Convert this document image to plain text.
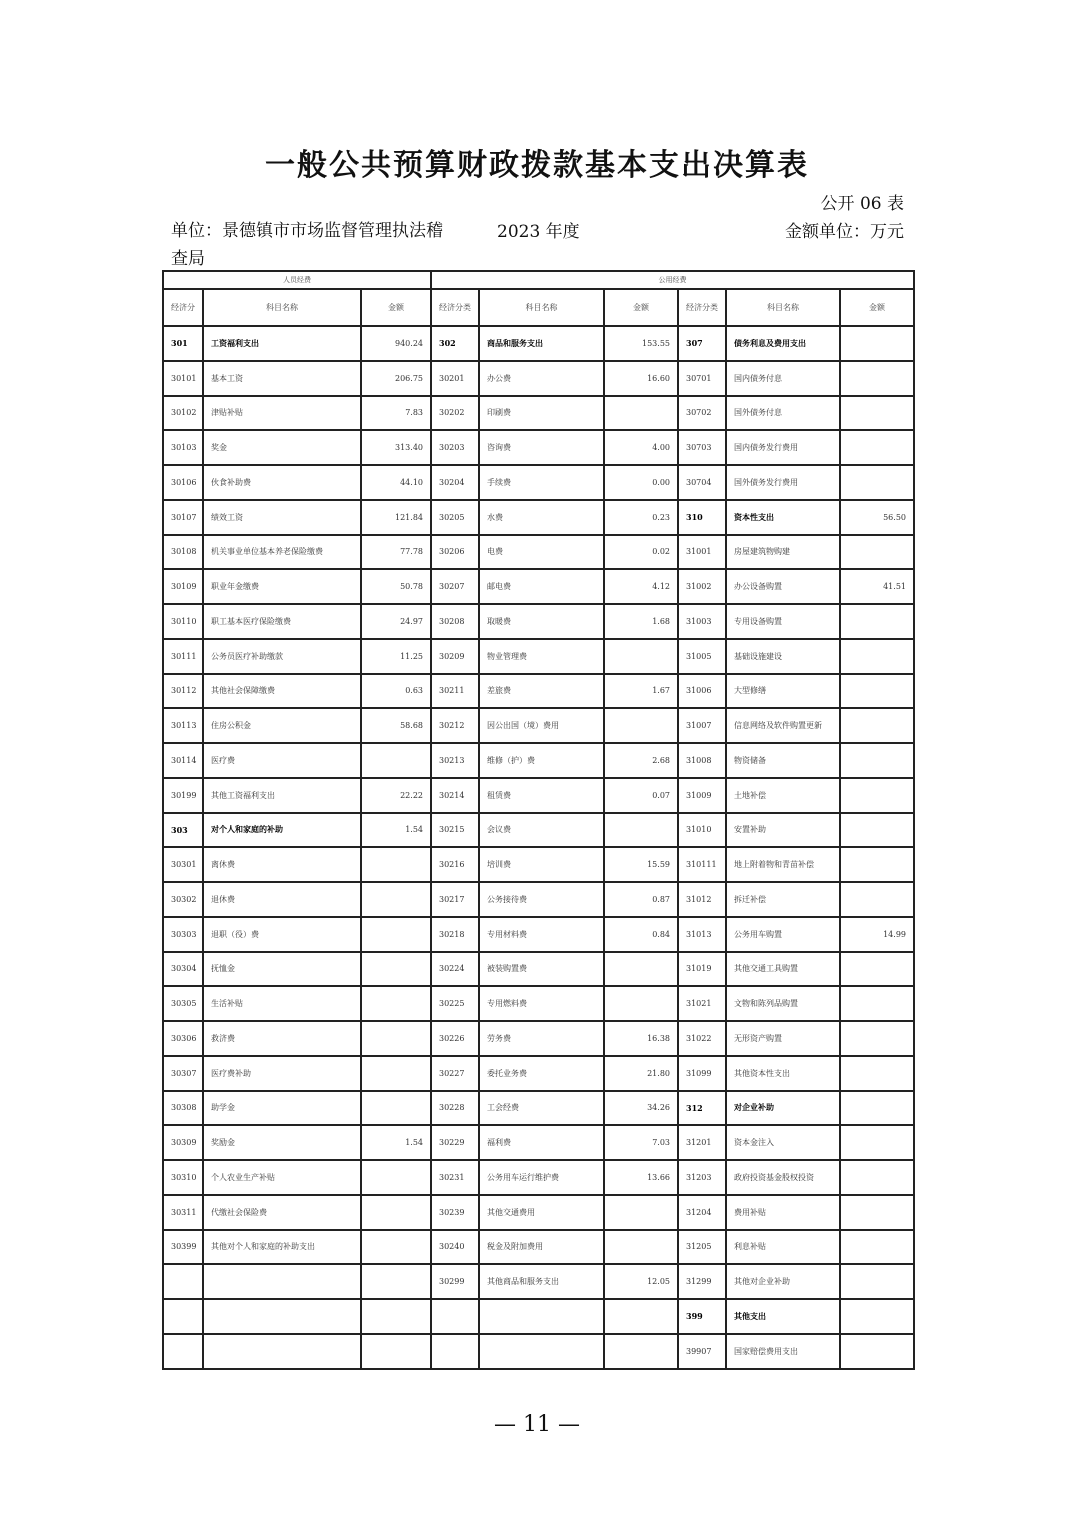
一般公共预算财政拨款基本支出决算表
公开 06 表
单位：景德镇市市场监督管理执法稽查局
2023 年度	金额单位：万元
人员经费			公用经费					
经济分	科目名称	金额	经济分类	科目名称	金额	经济分类	科目名称	金额
301	工资福利支出	940.24	302	商品和服务支出	153.55	307	债务利息及费用支出	
30101	基本工资	206.75	30201	办公费	16.60	30701	国内债务付息	
30102	津贴补贴	7.83	30202	印刷费		30702	国外债务付息	
30103	奖金	313.40	30203	咨询费	4.00	30703	国内债务发行费用	
30106	伙食补助费	44.10	30204	手续费	0.00	30704	国外债务发行费用	
30107	绩效工资	121.84	30205	水费	0.23	310	资本性支出	56.50
30108	机关事业单位基本养老保险缴费	77.78	30206	电费	0.02	31001	房屋建筑物购建	
30109	职业年金缴费	50.78	30207	邮电费	4.12	31002	办公设备购置	41.51
30110	职工基本医疗保险缴费	24.97	30208	取暖费	1.68	31003	专用设备购置	
30111	公务员医疗补助缴款	11.25	30209	物业管理费		31005	基础设施建设	
30112	其他社会保障缴费	0.63	30211	差旅费	1.67	31006	大型修缮	
30113	住房公积金	58.68	30212	因公出国（境）费用		31007	信息网络及软件购置更新	
30114	医疗费		30213	维修（护）费	2.68	31008	物资储备	
30199	其他工资福利支出	22.22	30214	租赁费	0.07	31009	土地补偿	
303	对个人和家庭的补助	1.54	30215	会议费		31010	安置补助	
30301	离休费		30216	培训费	15.59	310111	地上附着物和青苗补偿	
30302	退休费		30217	公务接待费	0.87	31012	拆迁补偿	
30303	退职（役）费		30218	专用材料费	0.84	31013	公务用车购置	14.99
30304	抚恤金		30224	被装购置费		31019	其他交通工具购置	
30305	生活补贴		30225	专用燃料费		31021	文物和陈列品购置	
30306	救济费		30226	劳务费	16.38	31022	无形资产购置	
30307	医疗费补助		30227	委托业务费	21.80	31099	其他资本性支出	
30308	助学金		30228	工会经费	34.26	312	对企业补助	
30309	奖励金	1.54	30229	福利费	7.03	31201	资本金注入	
30310	个人农业生产补贴		30231	公务用车运行维护费	13.66	31203	政府投资基金股权投资	
30311	代缴社会保险费		30239	其他交通费用		31204	费用补贴	
30399	其他对个人和家庭的补助支出		30240	税金及附加费用		31205	利息补贴	
			30299	其他商品和服务支出	12.05	31299	其他对企业补助	
						399	其他支出	
						39907	国家赔偿费用支出	
— 11 —
